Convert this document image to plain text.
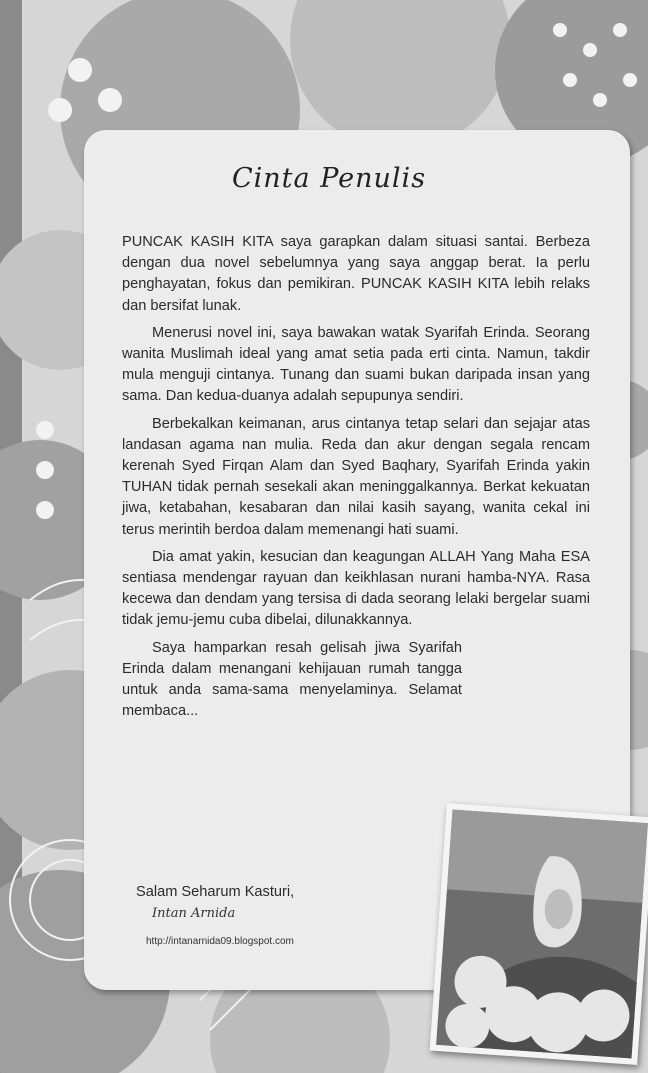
Cinta Penulis

PUNCAK KASIH KITA saya garapkan dalam situasi santai. Berbeza dengan dua novel sebelumnya yang saya anggap berat. Ia perlu penghayatan, fokus dan pemikiran. PUNCAK KASIH KITA lebih relaks dan bersifat lunak.

Menerusi novel ini, saya bawakan watak Syarifah Erinda. Seorang wanita Muslimah ideal yang amat setia pada erti cinta. Namun, takdir mula menguji cintanya. Tunang dan suami bukan daripada insan yang sama. Dan kedua-duanya adalah sepupunya sendiri.

Berbekalkan keimanan, arus cintanya tetap selari dan sejajar atas landasan agama nan mulia. Reda dan akur dengan segala rencam kerenah Syed Firqan Alam dan Syed Baqhary, Syarifah Erinda yakin TUHAN tidak pernah sesekali akan meninggalkannya. Berkat kekuatan jiwa, ketabahan, kesabaran dan nilai kasih sayang, wanita cekal ini terus merintih berdoa dalam memenangi hati suami.

Dia amat yakin, kesucian dan keagungan ALLAH Yang Maha ESA sentiasa mendengar rayuan dan keikhlasan nurani hamba-NYA. Rasa kecewa dan dendam yang tersisa di dada seorang lelaki bergelar suami tidak jemu-jemu cuba dibelai, dilunakkannya.

Saya hamparkan resah gelisah jiwa Syarifah Erinda dalam menangani kehijauan rumah tangga untuk anda sama-sama menyelaminya. Selamat membaca...

Salam Seharum Kasturi,
Intan Arnida
http://intanarnida09.blogspot.com
